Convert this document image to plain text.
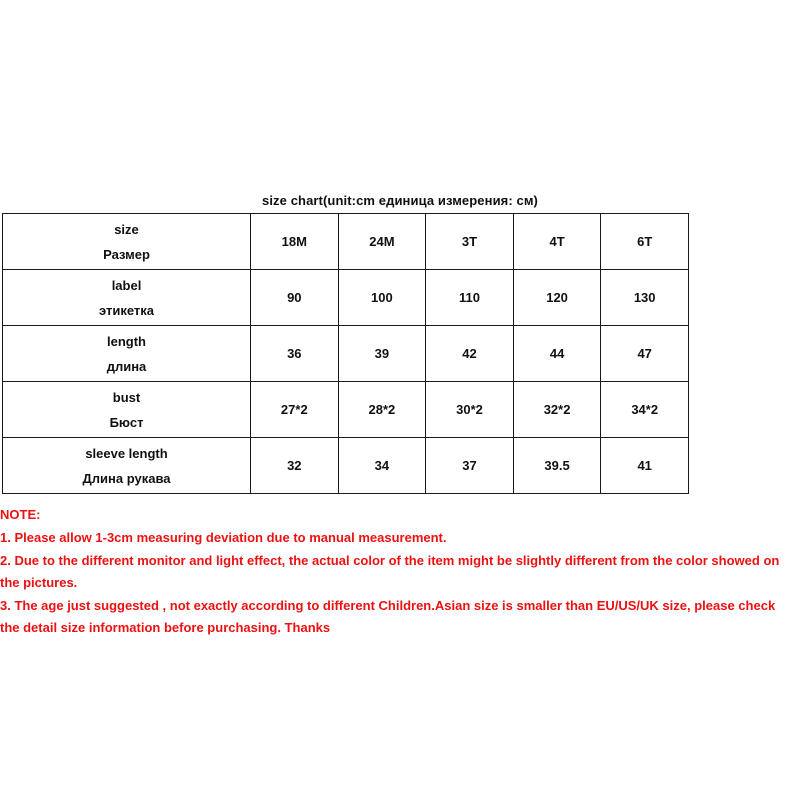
size chart(unit:cm единица измерения: см)
size
Размер	18M	24M	3T	4T	6T

label
этикетка	90	100	110	120	130

length
длина	36	39	42	44	47

bust
Бюст	27*2	28*2	30*2	32*2	34*2

sleeve length
Длина рукава	32	34	37	39.5	41
NOTE:
1. Please allow 1-3cm measuring deviation due to manual measurement.
2. Due to the different monitor and light effect, the actual color of the item might be slightly different from the color showed on the pictures.
3. The age just suggested , not exactly according to different Children.Asian size is smaller than EU/US/UK size, please check the detail size information before purchasing. Thanks
